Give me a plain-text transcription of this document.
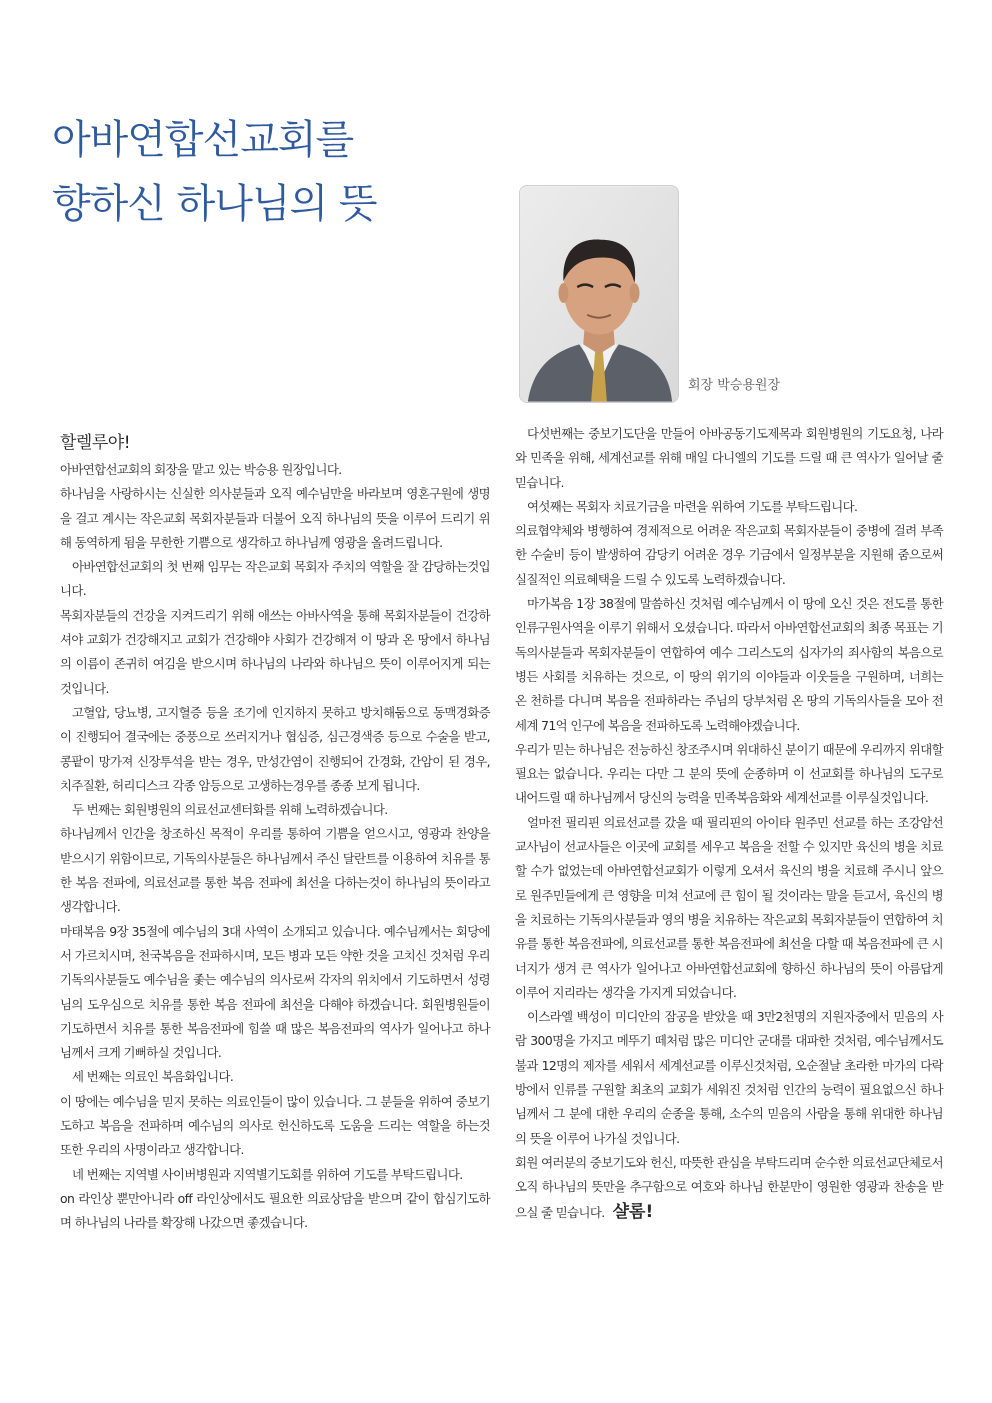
아바연합선교회를
향하신 하나님의 뜻
회장 박승용원장

할렐루야!

아바연합선교회의 회장을 맡고 있는 박승용 원장입니다.

하나님을 사랑하시는 신실한 의사분들과 오직 예수님만을 바라보며 영혼구원에 생명을 걸고 계시는 작은교회 목회자분들과 더불어 오직 하나님의 뜻을 이루어 드리기 위해 동역하게 됨을 무한한 기쁨으로 생각하고 하나님께 영광을 올려드립니다.

아바연합선교회의 첫 번째 임무는 작은교회 목회자 주치의 역할을 잘 감당하는것입니다.

목회자분들의 건강을 지켜드리기 위해 애쓰는 아바사역을 통해 목회자분들이 건강하셔야 교회가 건강해지고 교회가 건강해야 사회가 건강해져 이 땅과 온 땅에서 하나님의 이름이 존귀히 여김을 받으시며 하나님의 나라와 하나님으 뜻이 이루어지게 되는 것입니다.

고혈압, 당뇨병, 고지혈증 등을 조기에 인지하지 못하고 방치해둠으로 동맥경화증이 진행되어 결국에는 중풍으로 쓰러지거나 협심증, 심근경색증 등으로 수술을 받고, 콩팥이 망가져 신장투석을 받는 경우, 만성간염이 진행되어 간경화, 간암이 된 경우, 치주질환, 허리디스크 각종 암등으로 고생하는경우를 종종 보게 됩니다.

두 번째는 회원병원의 의료선교센터화를 위해 노력하겠습니다.

하나님께서 인간을 창조하신 목적이 우리를 통하여 기쁨을 얻으시고, 영광과 찬양을 받으시기 위함이므로, 기독의사분들은 하나님께서 주신 달란트를 이용하여 치유를 통한 복음 전파에, 의료선교를 통한 복음 전파에 최선을 다하는것이 하나님의 뜻이라고 생각합니다.

마태복음 9장 35절에 예수님의 3대 사역이 소개되고 있습니다. 예수님께서는 회당에서 가르치시며, 천국복음을 전파하시며, 모든 병과 모든 약한 것을 고치신 것처럼 우리 기독의사분들도 예수님을 좇는 예수님의 의사로써 각자의 위치에서 기도하면서 성령님의 도우심으로 치유를 통한 복음 전파에 최선을 다해야 하겠습니다. 회원병원들이 기도하면서 치유를 통한 복음전파에 힘쓸 때 많은 복음전파의 역사가 일어나고 하나님께서 크게 기뻐하실 것입니다.

세 번째는 의료인 복음화입니다.

이 땅에는 예수님을 믿지 못하는 의료인들이 많이 있습니다. 그 분들을 위하여 중보기도하고 복음을 전파하며 예수님의 의사로 헌신하도록 도움을 드리는 역할을 하는것 또한 우리의 사명이라고 생각합니다.

네 번째는 지역별 사이버병원과 지역별기도회를 위하여 기도를 부탁드립니다.

on 라인상 뿐만아니라 off 라인상에서도 필요한 의료상담을 받으며 같이 합심기도하며 하나님의 나라를 확장해 나갔으면 좋겠습니다.

다섯번째는 중보기도단을 만들어 아바공동기도제목과 회원병원의 기도요청, 나라와 민족을 위해, 세계선교를 위해 매일 다니엘의 기도를 드릴 때 큰 역사가 일어날 줄 믿습니다.

여섯째는 목회자 치료기금을 마련을 위하여 기도를 부탁드립니다.

의료협약체와 병행하여 경제적으로 어려운 작은교회 목회자분들이 중병에 걸려 부족한 수술비 등이 발생하여 감당키 어려운 경우 기금에서 일정부분을 지원해 줌으로써 실질적인 의료혜택을 드릴 수 있도록 노력하겠습니다.

마가복음 1장 38절에 말씀하신 것처럼 예수님께서 이 땅에 오신 것은 전도를 통한 인류구원사역을 이루기 위해서 오셨습니다. 따라서 아바연합선교회의 최종 목표는 기독의사분들과 목회자분들이 연합하여 예수 그리스도의 십자가의 죄사함의 복음으로 병든 사회를 치유하는 것으로, 이 땅의 위기의 이야들과 이웃들을 구원하며, 너희는 온 천하를 다니며 복음을 전파하라는 주님의 당부처럼 온 땅의 기독의사들을 모아 전 세계 71억 인구에 복음을 전파하도록 노력해야겠습니다.

우리가 믿는 하나님은 전능하신 창조주시며 위대하신 분이기 때문에 우리까지 위대할 필요는 없습니다. 우리는 다만 그 분의 뜻에 순종하며 이 선교회를 하나님의 도구로 내어드릴 때 하나님께서 당신의 능력을 민족복음화와 세계선교를 이루실것입니다.

얼마전 필리핀 의료선교를 갔을 때 필리핀의 아이타 원주민 선교를 하는 조강암선교사님이 선교사들은 이곳에 교회를 세우고 복음을 전할 수 있지만 육신의 병을 치료할 수가 없었는데 아바연합선교회가 이렇게 오셔서 육신의 병을 치료해 주시니 앞으로 원주민들에게 큰 영향을 미쳐 선교에 큰 힘이 될 것이라는 말을 듣고서, 육신의 병을 치료하는 기독의사분들과 영의 병을 치유하는 작은교회 목회자분들이 연합하여 치유를 통한 복음전파에, 의료선교를 통한 복음전파에 최선을 다할 때 복음전파에 큰 시너지가 생겨 큰 역사가 일어나고 아바연합선교회에 향하신 하나님의 뜻이 아름답게 이루어 지리라는 생각을 가지게 되었습니다.

이스라엘 백성이 미디안의 잠공을 받았을 때 3만2천명의 지원자중에서 믿음의 사람 300명을 가지고 메뚜기 떼처럼 많은 미디안 군대를 대파한 것처럼, 예수님께서도 불과 12명의 제자를 세워서 세계선교를 이루신것처럼, 오순절날 초라한 마가의 다락방에서 인류를 구원할 최초의 교회가 세워진 것처럼 인간의 능력이 필요없으신 하나님께서 그 분에 대한 우리의 순종을 통해, 소수의 믿음의 사람을 통해 위대한 하나님의 뜻을 이루어 나가실 것입니다.

회원 여러분의 중보기도와 헌신, 따뜻한 관심을 부탁드리며 순수한 의료선교단체로서 오직 하나님의 뜻만을 추구함으로 여호와 하나님 한분만이 영원한 영광과 찬송을 받으실 줄 믿습니다. 샬롬!
